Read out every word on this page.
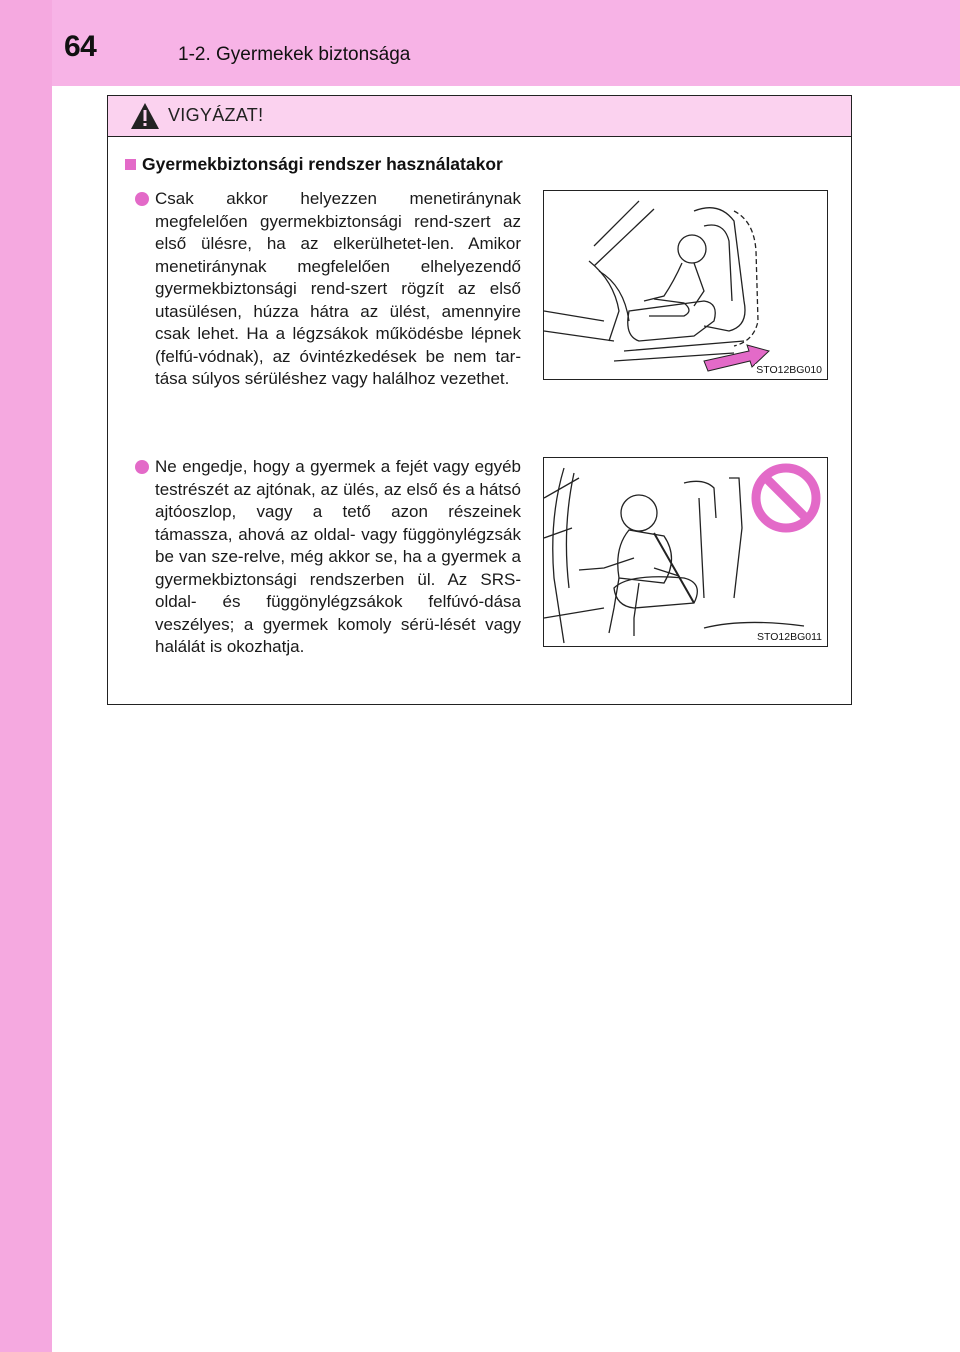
64	1-2. Gyermekek biztonsága
VIGYÁZAT!
Gyermekbiztonsági rendszer használatakor
Csak akkor helyezzen menetiránynak megfelelően gyermekbiztonsági rend-szert az első ülésre, ha az elkerülhetet-len. Amikor menetiránynak megfelelően elhelyezendő gyermekbiztonsági rend-szert rögzít az első utasülésen, húzza hátra az ülést, amennyire csak lehet. Ha a légzsákok működésbe lépnek (felfú-vódnak), az óvintézkedések be nem tar-tása súlyos sérüléshez vagy halálhoz vezethet.	STO12BG010
Ne engedje, hogy a gyermek a fejét vagy egyéb testrészét az ajtónak, az ülés, az első és a hátsó ajtóoszlop, vagy a tető azon részeinek támassza, ahová az oldal- vagy függönylégzsák be van sze-relve, még akkor se, ha a gyermek a gyermekbiztonsági rendszerben ül. Az SRS-oldal- és függönylégzsákok felfúvó-dása veszélyes; a gyermek komoly sérü-lését vagy halálát is okozhatja.	STO12BG011
